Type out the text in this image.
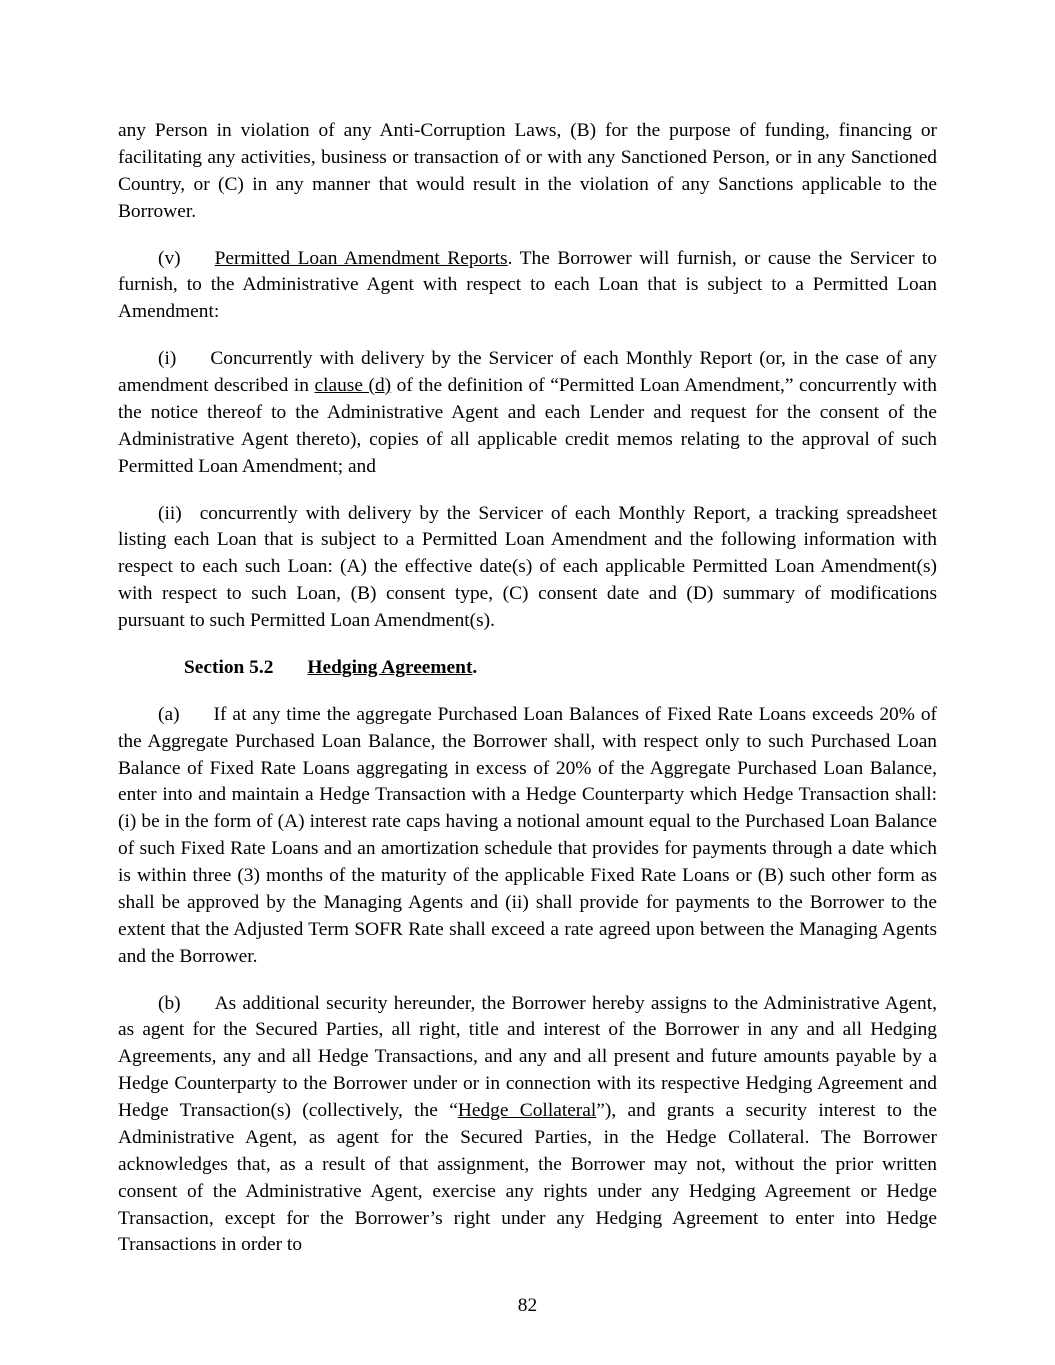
any Person in violation of any Anti-Corruption Laws, (B) for the purpose of funding, financing or facilitating any activities, business or transaction of or with any Sanctioned Person, or in any Sanctioned Country, or (C) in any manner that would result in the violation of any Sanctions applicable to the Borrower.

(v) Permitted Loan Amendment Reports. The Borrower will furnish, or cause the Servicer to furnish, to the Administrative Agent with respect to each Loan that is subject to a Permitted Loan Amendment:

(i) Concurrently with delivery by the Servicer of each Monthly Report (or, in the case of any amendment described in clause (d) of the definition of “Permitted Loan Amendment,” concurrently with the notice thereof to the Administrative Agent and each Lender and request for the consent of the Administrative Agent thereto), copies of all applicable credit memos relating to the approval of such Permitted Loan Amendment; and

(ii) concurrently with delivery by the Servicer of each Monthly Report, a tracking spreadsheet listing each Loan that is subject to a Permitted Loan Amendment and the following information with respect to each such Loan: (A) the effective date(s) of each applicable Permitted Loan Amendment(s) with respect to such Loan, (B) consent type, (C) consent date and (D) summary of modifications pursuant to such Permitted Loan Amendment(s).

Section 5.2 Hedging Agreement.

(a) If at any time the aggregate Purchased Loan Balances of Fixed Rate Loans exceeds 20% of the Aggregate Purchased Loan Balance, the Borrower shall, with respect only to such Purchased Loan Balance of Fixed Rate Loans aggregating in excess of 20% of the Aggregate Purchased Loan Balance, enter into and maintain a Hedge Transaction with a Hedge Counterparty which Hedge Transaction shall: (i) be in the form of (A) interest rate caps having a notional amount equal to the Purchased Loan Balance of such Fixed Rate Loans and an amortization schedule that provides for payments through a date which is within three (3) months of the maturity of the applicable Fixed Rate Loans or (B) such other form as shall be approved by the Managing Agents and (ii) shall provide for payments to the Borrower to the extent that the Adjusted Term SOFR Rate shall exceed a rate agreed upon between the Managing Agents and the Borrower.

(b) As additional security hereunder, the Borrower hereby assigns to the Administrative Agent, as agent for the Secured Parties, all right, title and interest of the Borrower in any and all Hedging Agreements, any and all Hedge Transactions, and any and all present and future amounts payable by a Hedge Counterparty to the Borrower under or in connection with its respective Hedging Agreement and Hedge Transaction(s) (collectively, the “Hedge Collateral”), and grants a security interest to the Administrative Agent, as agent for the Secured Parties, in the Hedge Collateral. The Borrower acknowledges that, as a result of that assignment, the Borrower may not, without the prior written consent of the Administrative Agent, exercise any rights under any Hedging Agreement or Hedge Transaction, except for the Borrower’s right under any Hedging Agreement to enter into Hedge Transactions in order to

82
